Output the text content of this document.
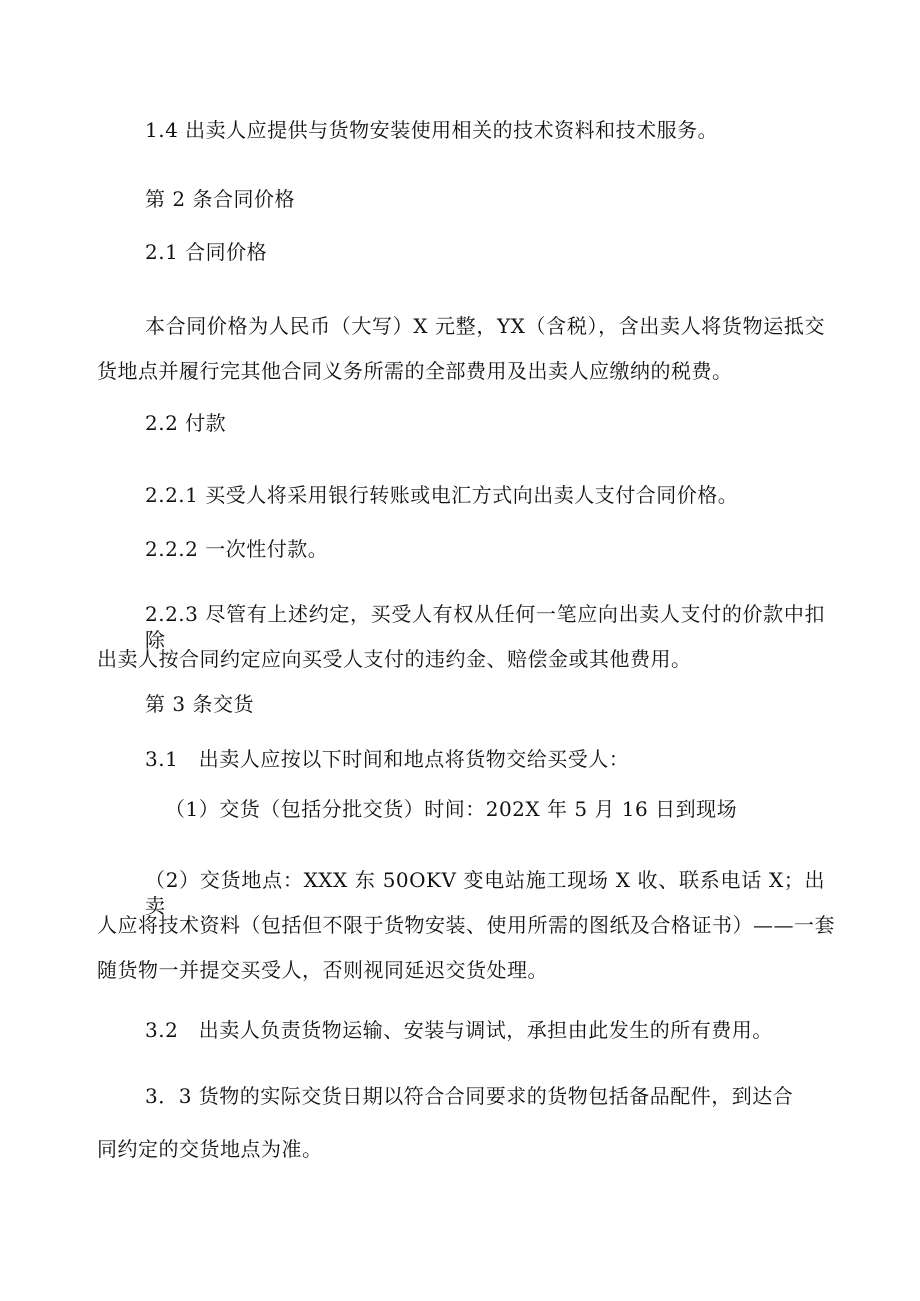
1.4 出卖人应提供与货物安装使用相关的技术资料和技术服务。
第 2 条合同价格
2.1 合同价格
本合同价格为人民币（大写）X 元整，YX（含税），含出卖人将货物运抵交
货地点并履行完其他合同义务所需的全部费用及出卖人应缴纳的税费。
2.2 付款
2.2.1 买受人将采用银行转账或电汇方式向出卖人支付合同价格。
2.2.2 一次性付款。
2.2.3 尽管有上述约定，买受人有权从任何一笔应向出卖人支付的价款中扣除
出卖人按合同约定应向买受人支付的违约金、赔偿金或其他费用。
第 3 条交货
3.1　出卖人应按以下时间和地点将货物交给买受人：
（1）交货（包括分批交货）时间：202X 年 5 月 16 日到现场
（2）交货地点：XXX 东 50OKV 变电站施工现场 X 收、联系电话 X；出卖
人应将技术资料（包括但不限于货物安装、使用所需的图纸及合格证书）——一套
随货物一并提交买受人，否则视同延迟交货处理。
3.2　出卖人负责货物运输、安装与调试，承担由此发生的所有费用。
3．3 货物的实际交货日期以符合合同要求的货物包括备品配件，到达合
同约定的交货地点为准。
